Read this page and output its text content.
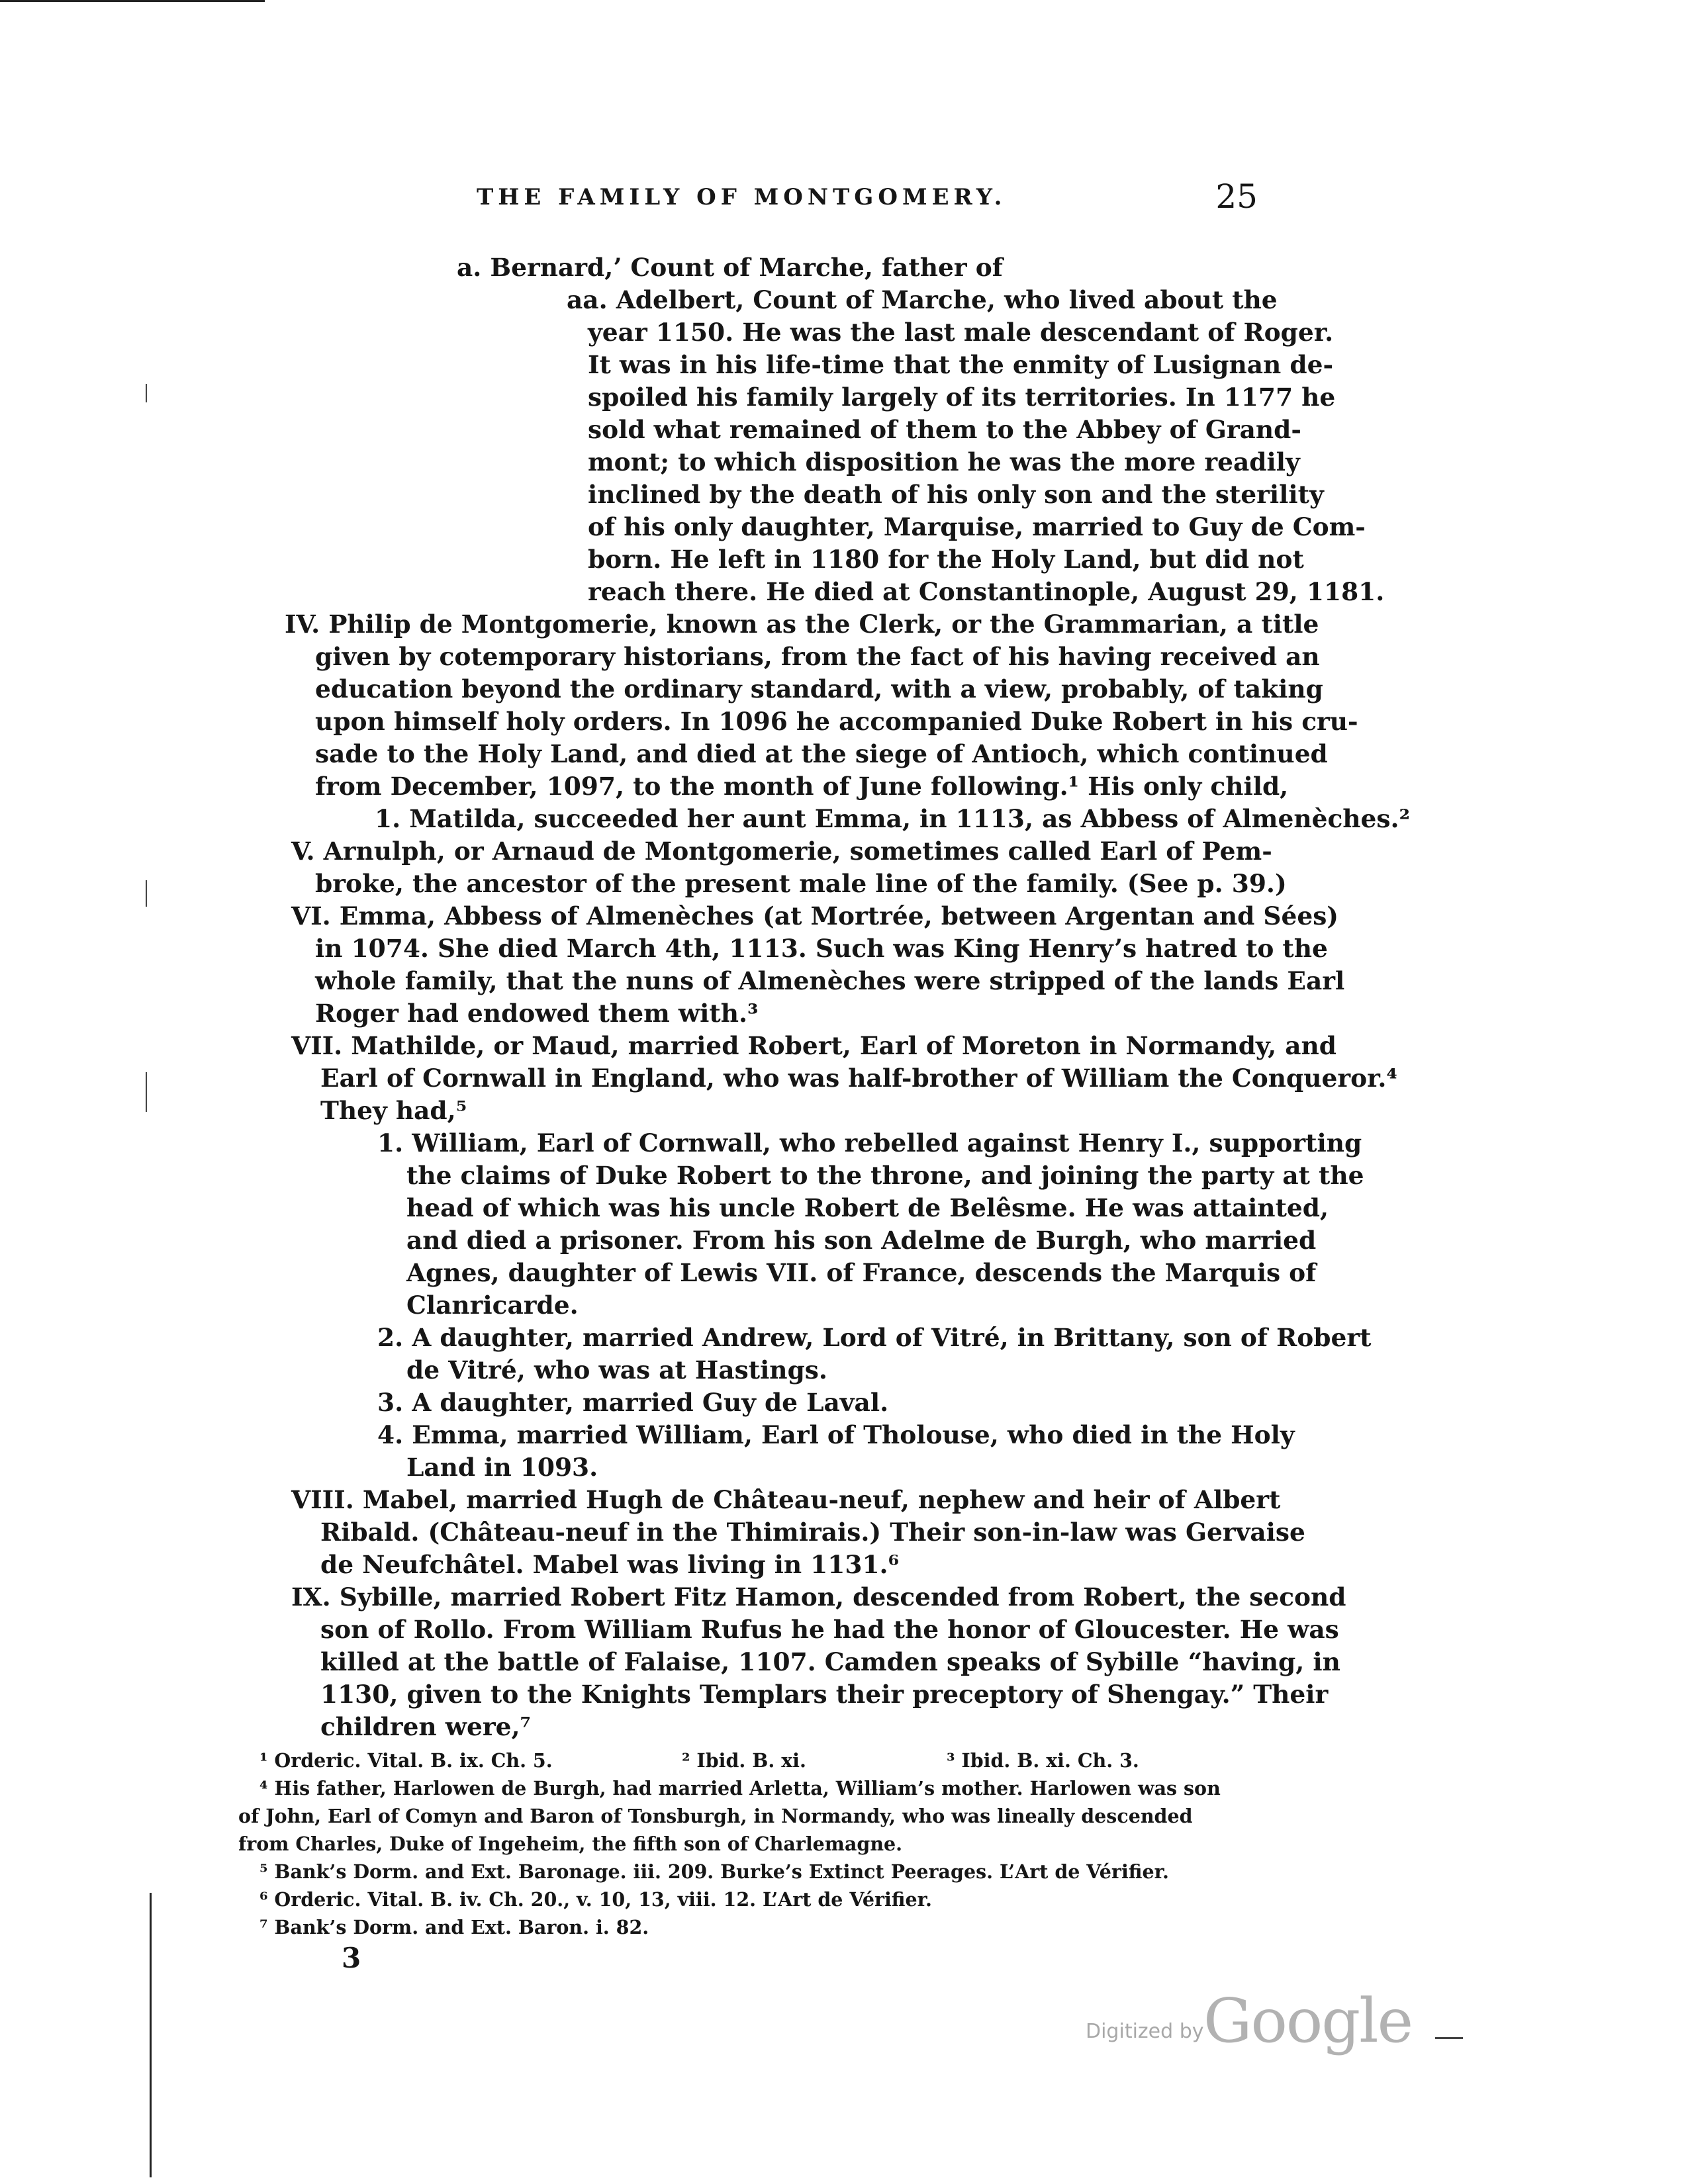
THE FAMILY OF MONTGOMERY.	25
a. Bernard,’ Count of Marche, father of
aa. Adelbert, Count of Marche, who lived about the
year 1150. He was the last male descendant of Roger.
It was in his life-time that the enmity of Lusignan de-
spoiled his family largely of its territories. In 1177 he
sold what remained of them to the Abbey of Grand-
mont; to which disposition he was the more readily
inclined by the death of his only son and the sterility
of his only daughter, Marquise, married to Guy de Com-
born. He left in 1180 for the Holy Land, but did not
reach there. He died at Constantinople, August 29, 1181.
IV. Philip de Montgomerie, known as the Clerk, or the Grammarian, a title
given by cotemporary historians, from the fact of his having received an
education beyond the ordinary standard, with a view, probably, of taking
upon himself holy orders. In 1096 he accompanied Duke Robert in his cru-
sade to the Holy Land, and died at the siege of Antioch, which continued
from December, 1097, to the month of June following.¹ His only child,
1. Matilda, succeeded her aunt Emma, in 1113, as Abbess of Almenèches.²
V. Arnulph, or Arnaud de Montgomerie, sometimes called Earl of Pem-
broke, the ancestor of the present male line of the family. (See p. 39.)
VI. Emma, Abbess of Almenèches (at Mortrée, between Argentan and Sées)
in 1074. She died March 4th, 1113. Such was King Henry’s hatred to the
whole family, that the nuns of Almenèches were stripped of the lands Earl
Roger had endowed them with.³
VII. Mathilde, or Maud, married Robert, Earl of Moreton in Normandy, and
Earl of Cornwall in England, who was half-brother of William the Conqueror.⁴
They had,⁵
1. William, Earl of Cornwall, who rebelled against Henry I., supporting
the claims of Duke Robert to the throne, and joining the party at the
head of which was his uncle Robert de Belêsme. He was attainted,
and died a prisoner. From his son Adelme de Burgh, who married
Agnes, daughter of Lewis VII. of France, descends the Marquis of
Clanricarde.
2. A daughter, married Andrew, Lord of Vitré, in Brittany, son of Robert
de Vitré, who was at Hastings.
3. A daughter, married Guy de Laval.
4. Emma, married William, Earl of Tholouse, who died in the Holy
Land in 1093.
VIII. Mabel, married Hugh de Château-neuf, nephew and heir of Albert
Ribald. (Château-neuf in the Thimirais.) Their son-in-law was Gervaise
de Neufchâtel. Mabel was living in 1131.⁶
IX. Sybille, married Robert Fitz Hamon, descended from Robert, the second
son of Rollo. From William Rufus he had the honor of Gloucester. He was
killed at the battle of Falaise, 1107. Camden speaks of Sybille “having, in
1130, given to the Knights Templars their preceptory of Shengay.” Their
children were,⁷
¹ Orderic. Vital. B. ix. Ch. 5.	² Ibid. B. xi.	³ Ibid. B. xi. Ch. 3.
⁴ His father, Harlowen de Burgh, had married Arletta, William’s mother. Harlowen was son
of John, Earl of Comyn and Baron of Tonsburgh, in Normandy, who was lineally descended
from Charles, Duke of Ingeheim, the fifth son of Charlemagne.
⁵ Bank’s Dorm. and Ext. Baronage. iii. 209. Burke’s Extinct Peerages. L’Art de Vérifier.
⁶ Orderic. Vital. B. iv. Ch. 20., v. 10, 13, viii. 12. L’Art de Vérifier.
⁷ Bank’s Dorm. and Ext. Baron. i. 82.
3
Digitized by Google
